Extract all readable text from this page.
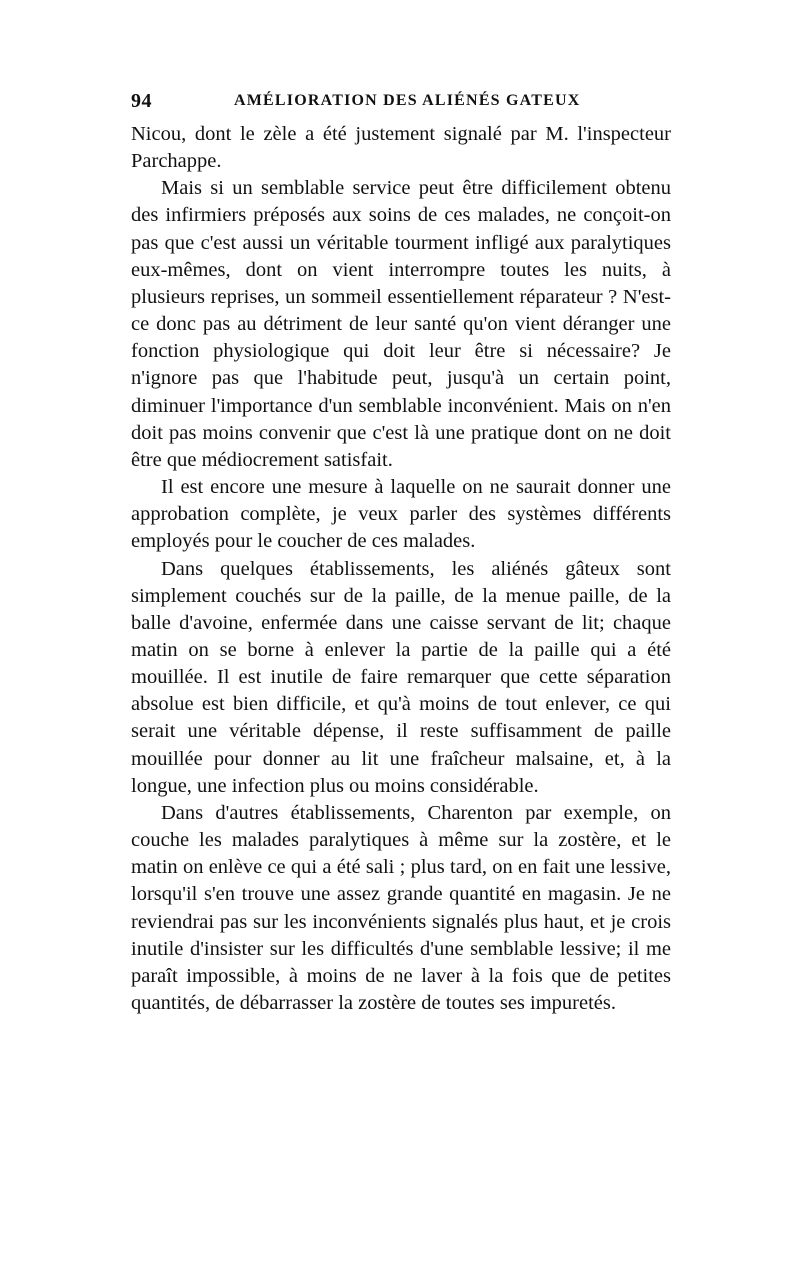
94	AMÉLIORATION DES ALIÉNÉS GATEUX

Nicou, dont le zèle a été justement signalé par M. l'inspecteur Parchappe.

Mais si un semblable service peut être difficilement obtenu des infirmiers préposés aux soins de ces malades, ne conçoit-on pas que c'est aussi un véritable tourment infligé aux paralytiques eux-mêmes, dont on vient interrompre toutes les nuits, à plusieurs reprises, un sommeil essentiellement réparateur ? N'est-ce donc pas au détriment de leur santé qu'on vient déranger une fonction physiologique qui doit leur être si nécessaire? Je n'ignore pas que l'habitude peut, jusqu'à un certain point, diminuer l'importance d'un semblable inconvénient. Mais on n'en doit pas moins convenir que c'est là une pratique dont on ne doit être que médiocrement satisfait.

Il est encore une mesure à laquelle on ne saurait donner une approbation complète, je veux parler des systèmes différents employés pour le coucher de ces malades.

Dans quelques établissements, les aliénés gâteux sont simplement couchés sur de la paille, de la menue paille, de la balle d'avoine, enfermée dans une caisse servant de lit; chaque matin on se borne à enlever la partie de la paille qui a été mouillée. Il est inutile de faire remarquer que cette séparation absolue est bien difficile, et qu'à moins de tout enlever, ce qui serait une véritable dépense, il reste suffisamment de paille mouillée pour donner au lit une fraîcheur malsaine, et, à la longue, une infection plus ou moins considérable.

Dans d'autres établissements, Charenton par exemple, on couche les malades paralytiques à même sur la zostère, et le matin on enlève ce qui a été sali ; plus tard, on en fait une lessive, lorsqu'il s'en trouve une assez grande quantité en magasin. Je ne reviendrai pas sur les inconvénients signalés plus haut, et je crois inutile d'insister sur les difficultés d'une semblable lessive; il me paraît impossible, à moins de ne laver à la fois que de petites quantités, de débarrasser la zostère de toutes ses impuretés.
